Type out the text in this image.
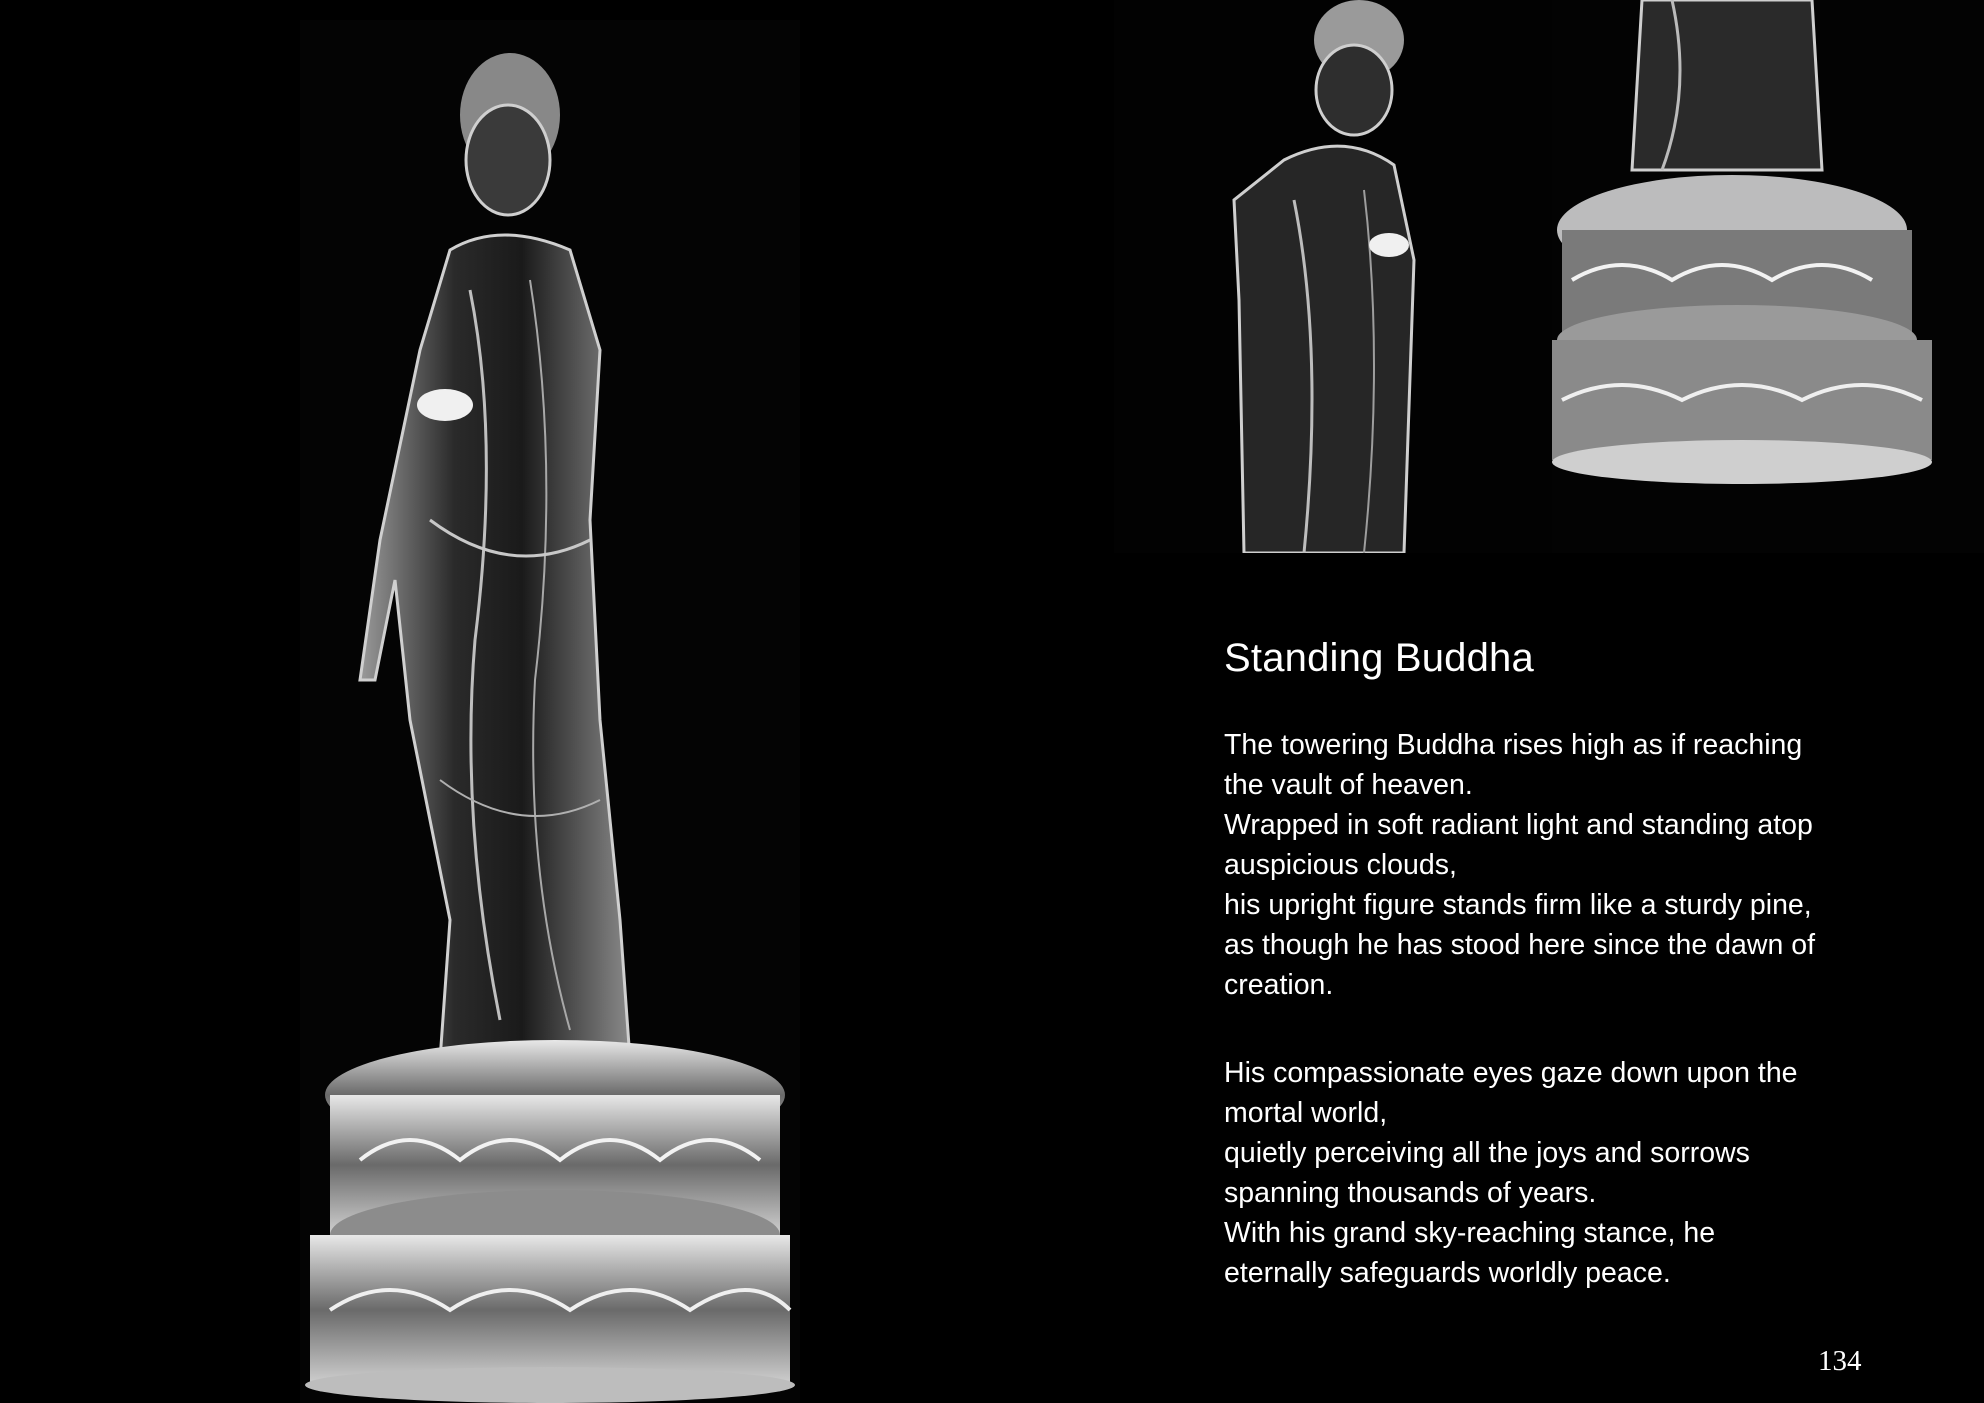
Standing Buddha
The towering Buddha rises high as if reaching
the vault of heaven.
Wrapped in soft radiant light and standing atop
auspicious clouds,
his upright figure stands firm like a sturdy pine,
as though he has stood here since the dawn of
creation.
His compassionate eyes gaze down upon the
mortal world,
quietly perceiving all the joys and sorrows
spanning thousands of years.
With his grand sky-reaching stance, he
eternally safeguards worldly peace.
134
